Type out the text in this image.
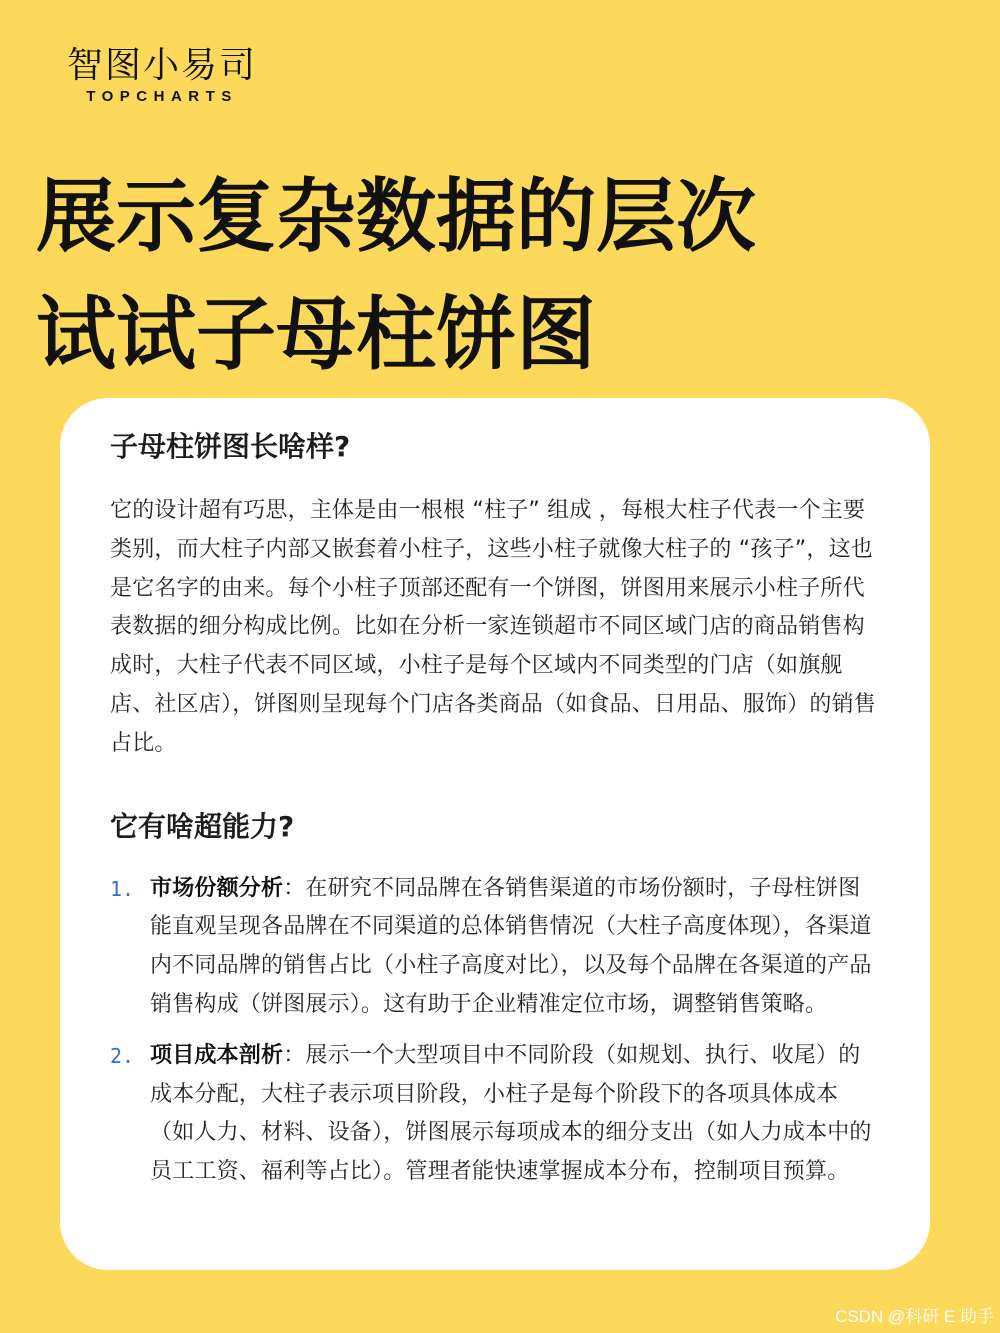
智图小易司
TOPCHARTS
展示复杂数据的层次
试试子母柱饼图
子母柱饼图长啥样?

它的设计超有巧思，主体是由一根根 “柱子” 组成 ，每根大柱子代表一个主要类别，而大柱子内部又嵌套着小柱子，这些小柱子就像大柱子的 “孩子”，这也是它名字的由来。每个小柱子顶部还配有一个饼图，饼图用来展示小柱子所代表数据的细分构成比例。比如在分析一家连锁超市不同区域门店的商品销售构成时，大柱子代表不同区域，小柱子是每个区域内不同类型的门店（如旗舰店、社区店），饼图则呈现每个门店各类商品（如食品、日用品、服饰）的销售占比。

它有啥超能力?
1. 市场份额分析：在研究不同品牌在各销售渠道的市场份额时，子母柱饼图能直观呈现各品牌在不同渠道的总体销售情况（大柱子高度体现），各渠道内不同品牌的销售占比（小柱子高度对比），以及每个品牌在各渠道的产品销售构成（饼图展示）。这有助于企业精准定位市场，调整销售策略。
2. 项目成本剖析：展示一个大型项目中不同阶段（如规划、执行、收尾）的成本分配，大柱子表示项目阶段，小柱子是每个阶段下的各项具体成本（如人力、材料、设备），饼图展示每项成本的细分支出（如人力成本中的员工工资、福利等占比）。管理者能快速掌握成本分布，控制项目预算。
CSDN @科研 E 助手
